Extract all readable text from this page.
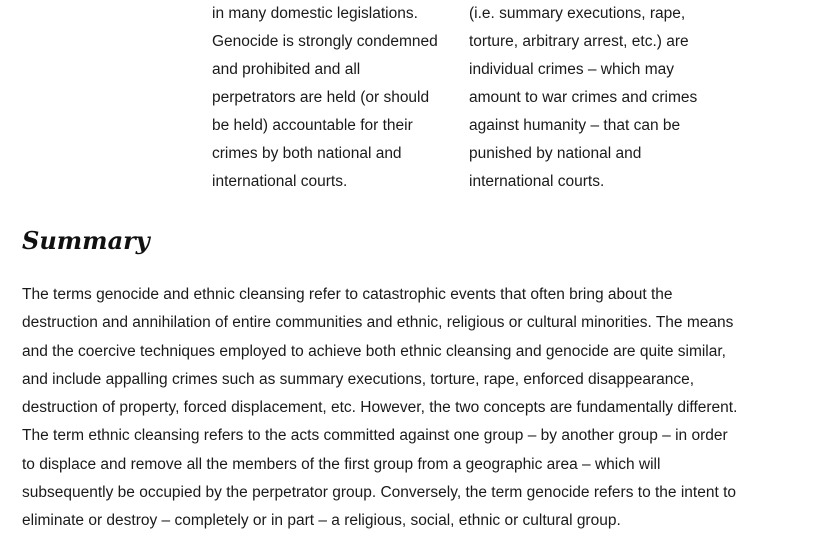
in many domestic legislations.
Genocide is strongly condemned
and prohibited and all
perpetrators are held (or should
be held) accountable for their
crimes by both national and
international courts.
(i.e. summary executions, rape,
torture, arbitrary arrest, etc.) are
individual crimes – which may
amount to war crimes and crimes
against humanity – that can be
punished by national and
international courts.
Summary
The terms genocide and ethnic cleansing refer to catastrophic events that often bring about the
destruction and annihilation of entire communities and ethnic, religious or cultural minorities. The means
and the coercive techniques employed to achieve both ethnic cleansing and genocide are quite similar,
and include appalling crimes such as summary executions, torture, rape, enforced disappearance,
destruction of property, forced displacement, etc. However, the two concepts are fundamentally different.
The term ethnic cleansing refers to the acts committed against one group – by another group – in order
to displace and remove all the members of the first group from a geographic area – which will
subsequently be occupied by the perpetrator group. Conversely, the term genocide refers to the intent to
eliminate or destroy – completely or in part – a religious, social, ethnic or cultural group.
